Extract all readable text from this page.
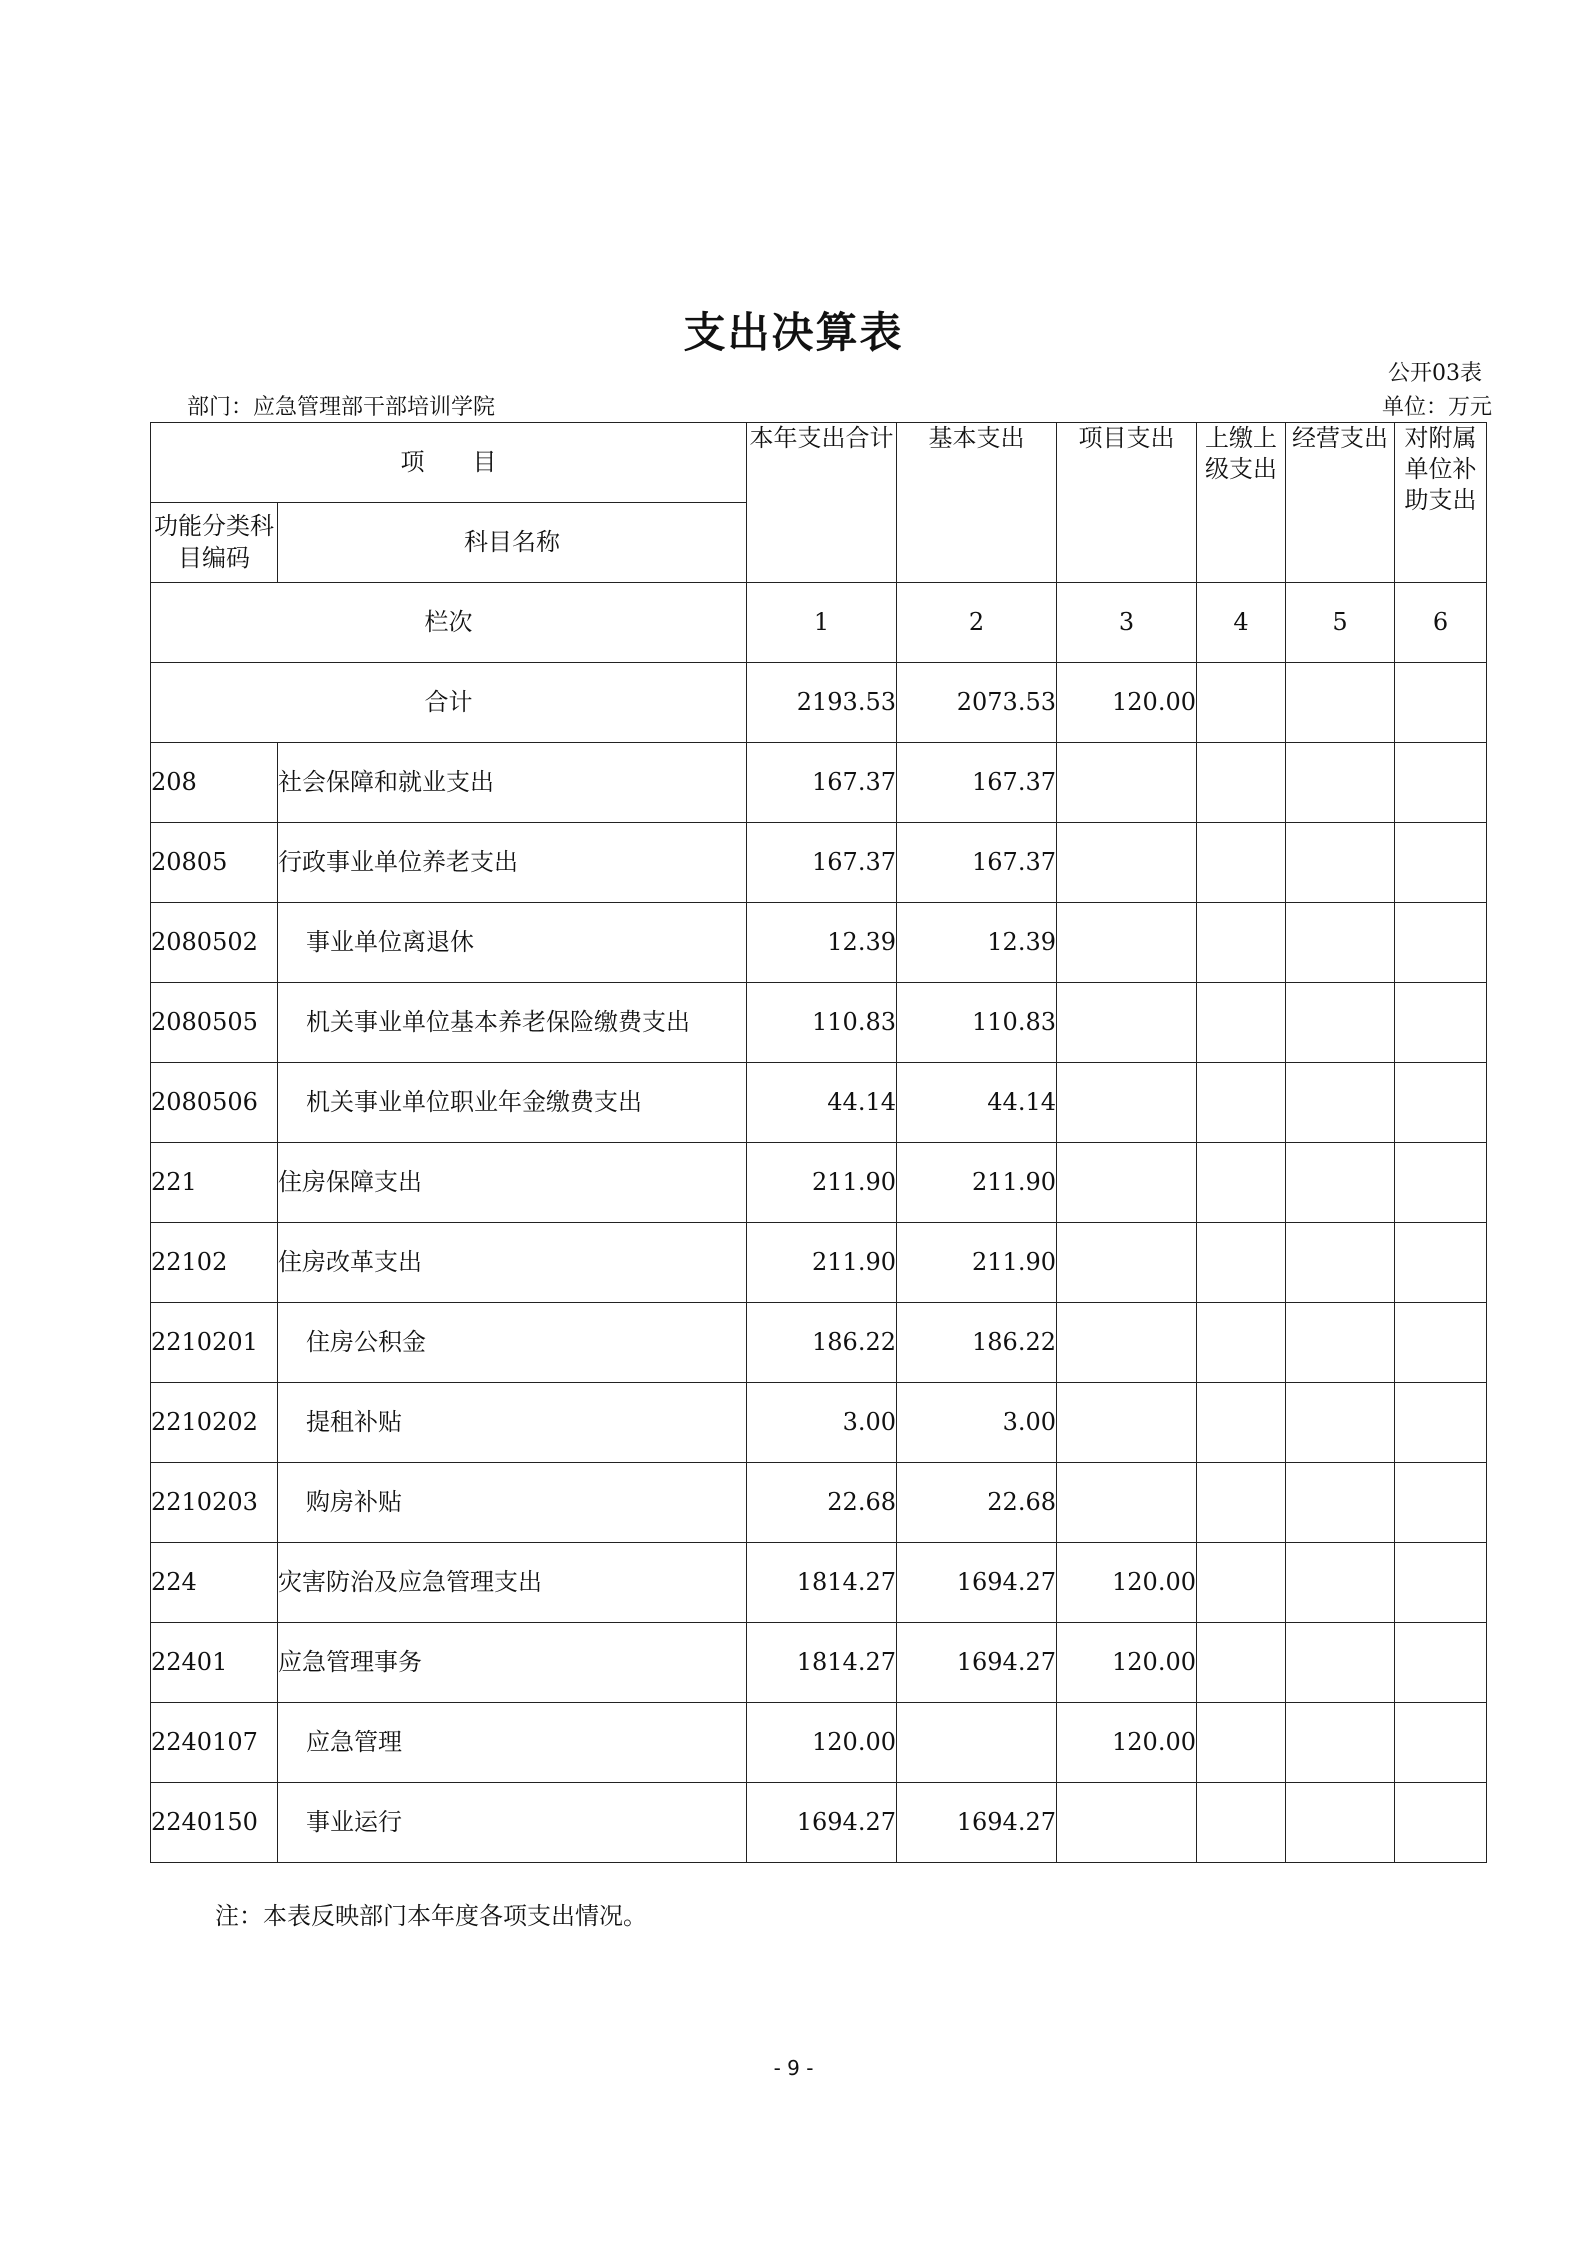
支出决算表
公开03表
部门：应急管理部干部培训学院	单位：万元
项　　目		本年支出合计	基本支出	项目支出	上缴上级支出	经营支出	对附属单位补助支出
功能分类科目编码	科目名称						
栏次		1	2	3	4	5	6
合计		2193.53	2073.53	120.00			
208	社会保障和就业支出	167.37	167.37				
20805	行政事业单位养老支出	167.37	167.37				
2080502	事业单位离退休	12.39	12.39				
2080505	机关事业单位基本养老保险缴费支出	110.83	110.83				
2080506	机关事业单位职业年金缴费支出	44.14	44.14				
221	住房保障支出	211.90	211.90				
22102	住房改革支出	211.90	211.90				
2210201	住房公积金	186.22	186.22				
2210202	提租补贴	3.00	3.00				
2210203	购房补贴	22.68	22.68				
224	灾害防治及应急管理支出	1814.27	1694.27	120.00			
22401	应急管理事务	1814.27	1694.27	120.00			
2240107	应急管理	120.00		120.00			
2240150	事业运行	1694.27	1694.27				
注：本表反映部门本年度各项支出情况。
- 9 -
